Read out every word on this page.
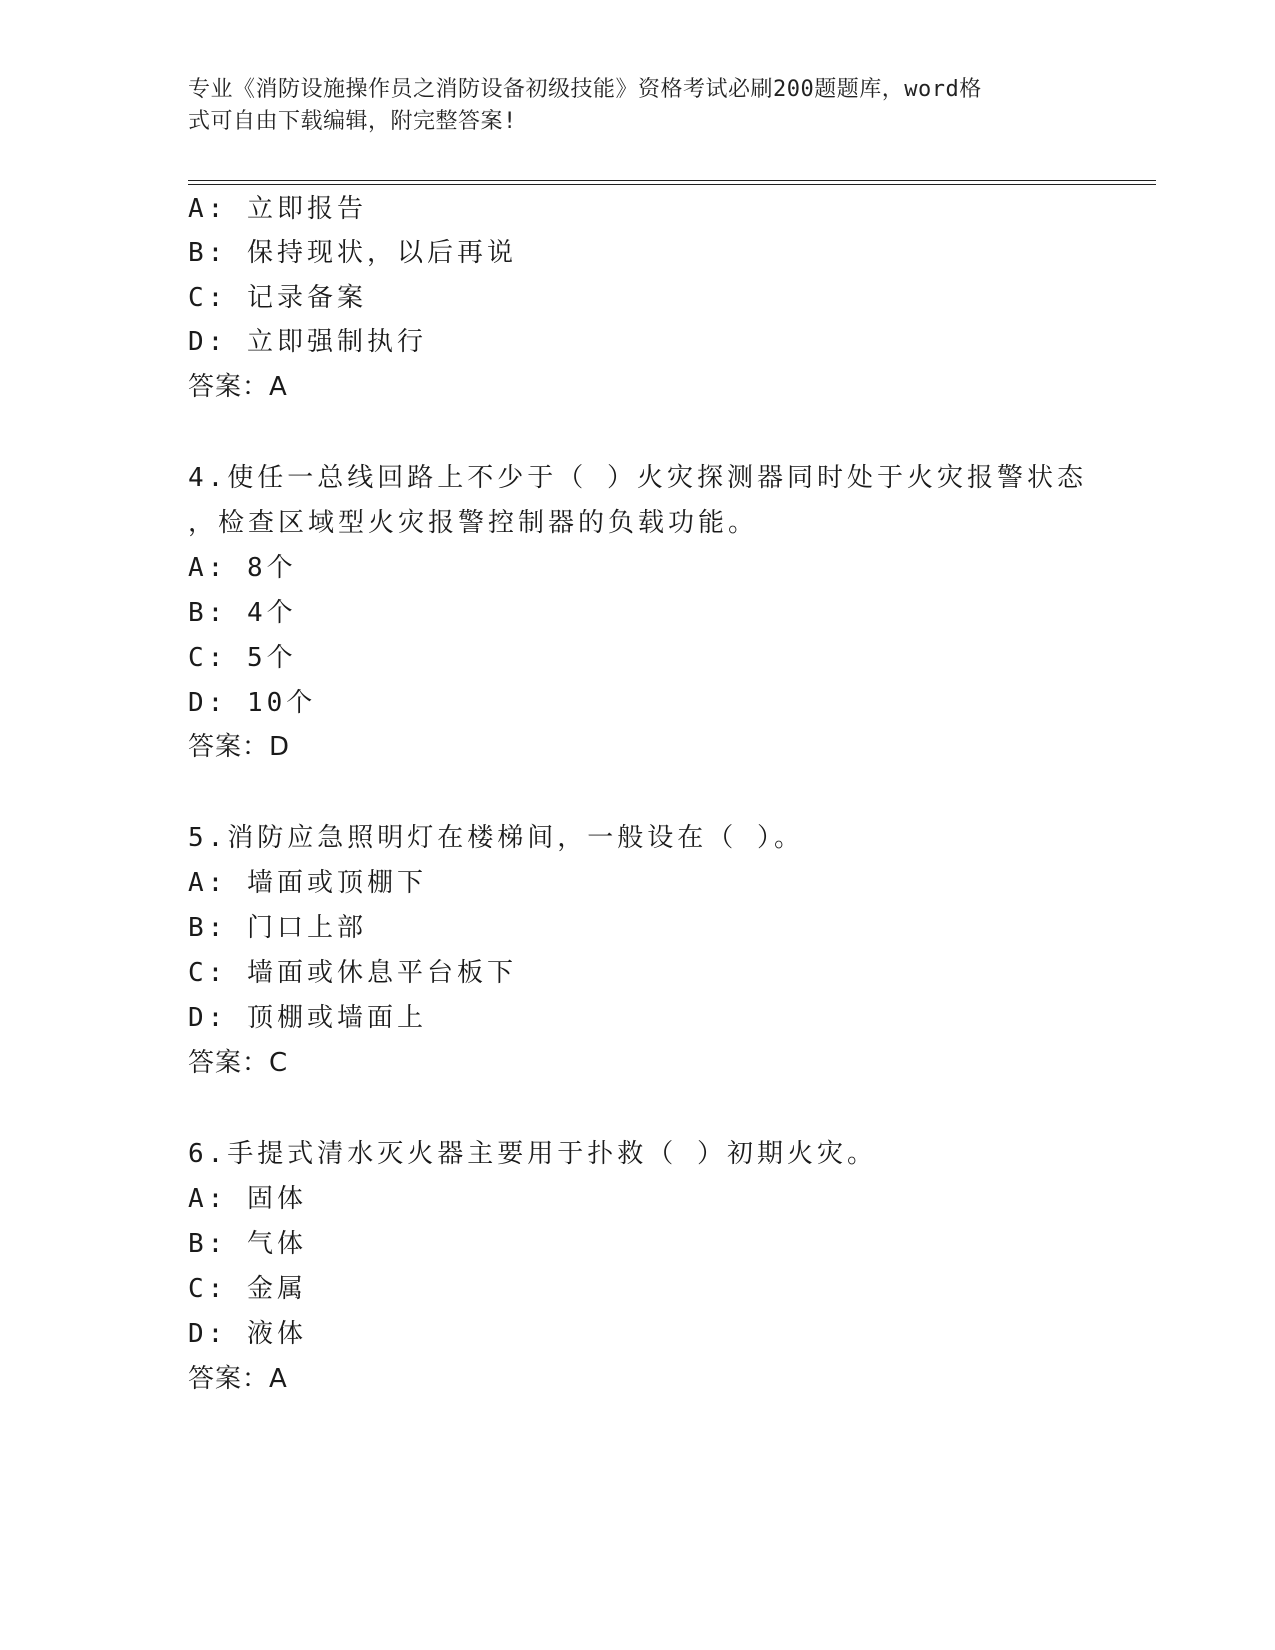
专业《消防设施操作员之消防设备初级技能》资格考试必刷200题题库，word格
式可自由下载编辑，附完整答案!
A: 立即报告
B: 保持现状，以后再说
C: 记录备案
D: 立即强制执行
答案：A
4.使任一总线回路上不少于（ ）火灾探测器同时处于火灾报警状态
，检查区域型火灾报警控制器的负载功能。
A: 8个
B: 4个
C: 5个
D: 10个
答案：D
5.消防应急照明灯在楼梯间，一般设在（ ）。
A: 墙面或顶棚下
B: 门口上部
C: 墙面或休息平台板下
D: 顶棚或墙面上
答案：C
6.手提式清水灭火器主要用于扑救（ ）初期火灾。
A: 固体
B: 气体
C: 金属
D: 液体
答案：A
